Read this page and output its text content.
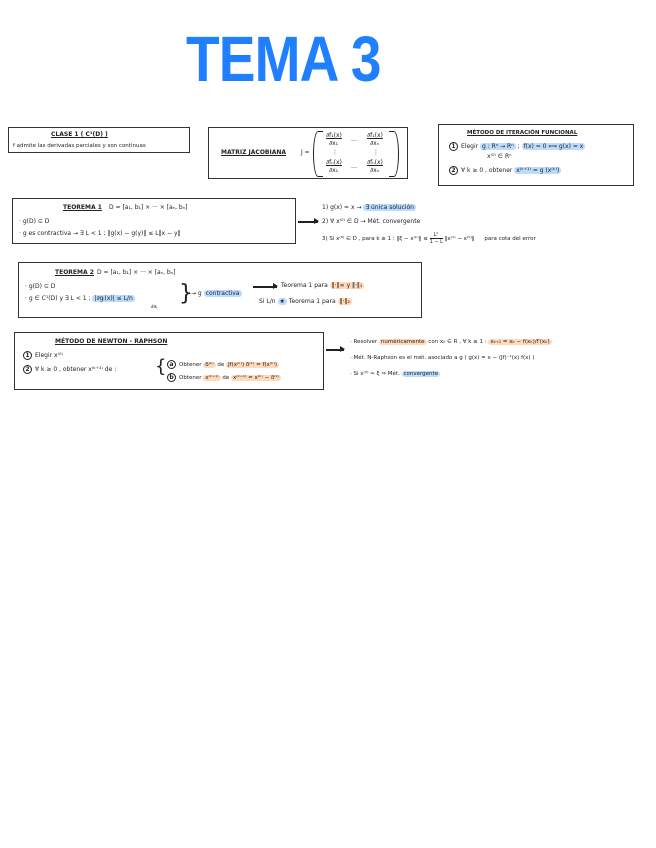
TEMA 3
CLASE 1 ( C¹(D) )
f admite las derivadas parciales y son continuas
MATRIZ JACOBIANA J =
∂f₁(x)
∂x₁
…
∂f₁(x)
∂xₙ
⋮	⋮
∂fₙ(x)
∂x₁
…
∂fₙ(x)
∂xₙ
MÉTODO DE ITERACIÓN FUNCIONAL
1 Elegir g : Rⁿ → Rⁿ ; f(x) = 0 ⟺ g(x) = x
x⁽⁰⁾ ∈ Rⁿ
2 ∀ k ≥ 0 , obtener x⁽ᵏ⁺¹⁾ = g (x⁽ᵏ⁾)
TEOREMA 1 D = [a₁, b₁] × ··· × [aₙ, bₙ]
· g(D) ⊆ D
· g es contractiva → ∃ L < 1 ; ‖g(x) − g(y)‖ ≤ L‖x − y‖
1) g(x) = x → ∃ única solución
2) ∀ x⁽⁰⁾ ∈ D → Mét. convergente
3) Si x⁽⁰⁾ ∈ D , para k ≥ 1 : ‖ξ − x⁽ᵏ⁾‖ ≤ $\frac{\text{Lᵏ}}{1 - L}$ ‖x⁽¹⁾ − x⁽⁰⁾‖ para cota del error
TEOREMA 2 D = [a₁, b₁] × ··· × [aₙ, bₙ]
· g(D) ⊆ D
· g ∈ C¹(D) y ∃ L < 1 ; |∂gᵢ(x)| ≤ L/n
∂xⱼ
}
→ g contractiva
Teorema 1 para ‖·‖∞ y ‖·‖₁
Si L/n ★ Teorema 1 para ‖·‖₂
MÉTODO DE NEWTON - RAPHSON
1 Elegir x⁽⁰⁾
2 ∀ k ≥ 0 , obtener x⁽ᵏ⁺¹⁾ de : { a Obtener δ⁽ᵏ⁾ de Jf(x⁽ᵏ⁾) δ⁽ᵏ⁾ = f(x⁽ᵏ⁾)
b Obtener x⁽ᵏ⁺¹⁾ de x⁽ᵏ⁺¹⁾ = x⁽ᵏ⁾ − δ⁽ᵏ⁾
· Resolver numéricamente con x₀ ∈ R , ∀ k ≥ 1 : xₖ₊₁ = xₖ − f(xₖ)/f′(xₖ)
· Mét. N-Raphson es el mét. asociado a g ( g(x) = x − (Jf)⁻¹(x) f(x) )
· Si x⁽⁰⁾ ≈ ξ ⇒ Mét. convergente
